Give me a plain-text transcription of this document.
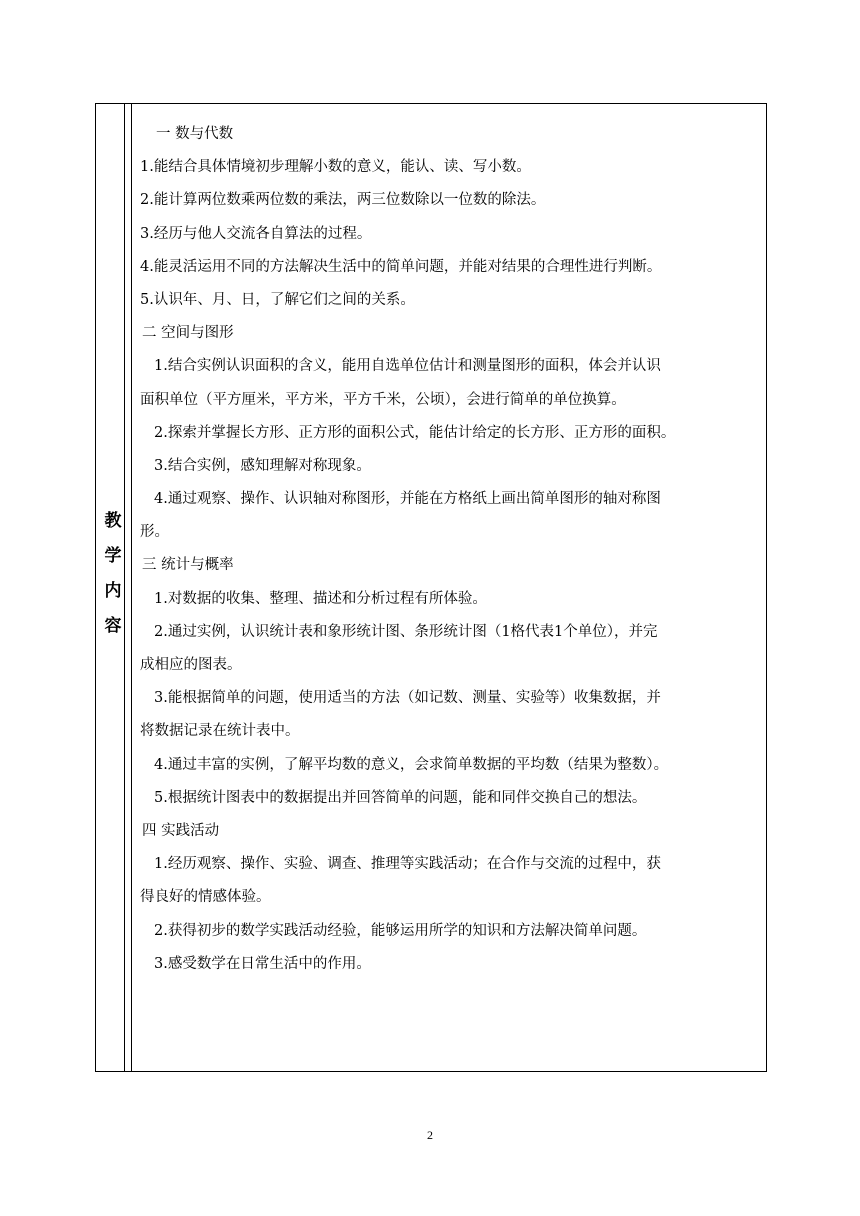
教
学
内
容
一 数与代数
1.能结合具体情境初步理解小数的意义，能认、读、写小数。
2.能计算两位数乘两位数的乘法，两三位数除以一位数的除法。
3.经历与他人交流各自算法的过程。
4.能灵活运用不同的方法解决生活中的简单问题，并能对结果的合理性进行判断。
5.认识年、月、日，了解它们之间的关系。
二 空间与图形
1.结合实例认识面积的含义，能用自选单位估计和测量图形的面积，体会并认识
面积单位（平方厘米，平方米，平方千米，公顷），会进行简单的单位换算。
2.探索并掌握长方形、正方形的面积公式，能估计给定的长方形、正方形的面积。
3.结合实例，感知理解对称现象。
4.通过观察、操作、认识轴对称图形，并能在方格纸上画出简单图形的轴对称图
形。
三 统计与概率
1.对数据的收集、整理、描述和分析过程有所体验。
2.通过实例，认识统计表和象形统计图、条形统计图（1格代表1个单位），并完
成相应的图表。
3.能根据简单的问题，使用适当的方法（如记数、测量、实验等）收集数据，并
将数据记录在统计表中。
4.通过丰富的实例，了解平均数的意义，会求简单数据的平均数（结果为整数）。
5.根据统计图表中的数据提出并回答简单的问题，能和同伴交换自己的想法。
四 实践活动
1.经历观察、操作、实验、调查、推理等实践活动；在合作与交流的过程中，获
得良好的情感体验。
2.获得初步的数学实践活动经验，能够运用所学的知识和方法解决简单问题。
3.感受数学在日常生活中的作用。
2
